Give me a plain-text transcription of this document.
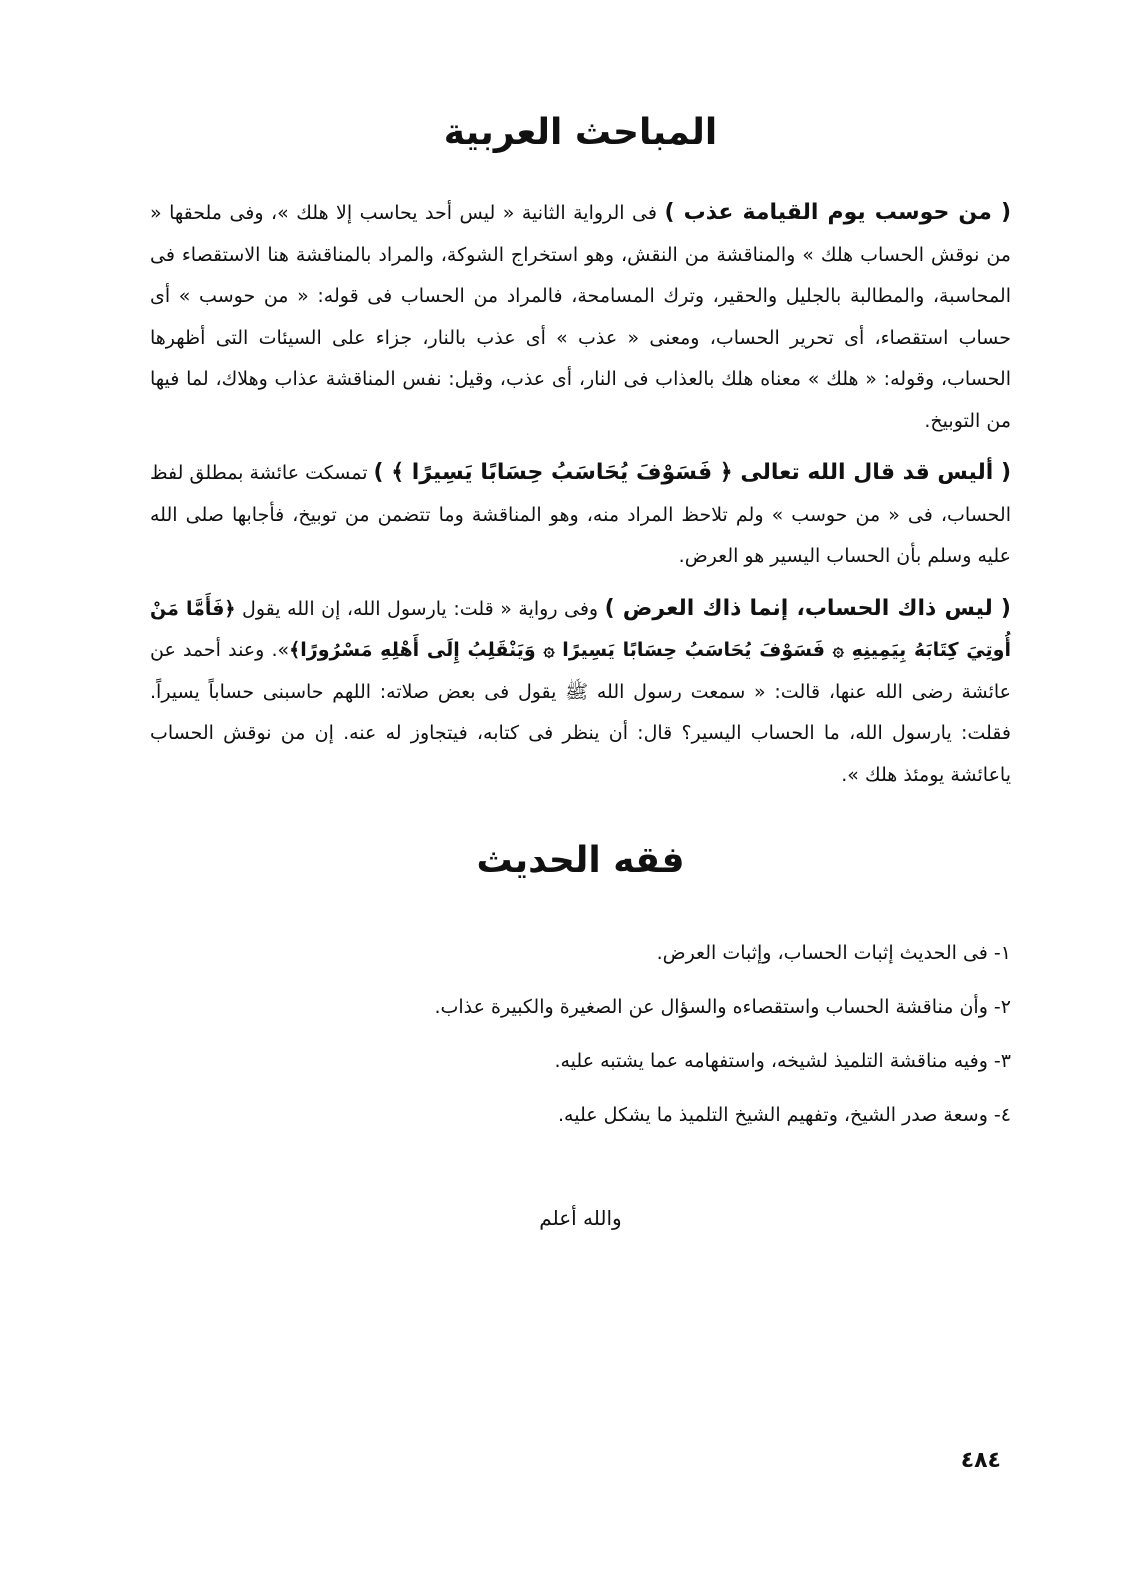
المباحث العربية

( من حوسب يوم القيامة عذب ) فى الرواية الثانية « ليس أحد يحاسب إلا هلك »، وفى ملحقها « من نوقش الحساب هلك » والمناقشة من النقش، وهو استخراج الشوكة، والمراد بالمناقشة هنا الاستقصاء فى المحاسبة، والمطالبة بالجليل والحقير، وترك المسامحة، فالمراد من الحساب فى قوله: « من حوسب » أى حساب استقصاء، أى تحرير الحساب، ومعنى « عذب » أى عذب بالنار، جزاء على السيئات التى أظهرها الحساب، وقوله: « هلك » معناه هلك بالعذاب فى النار، أى عذب، وقيل: نفس المناقشة عذاب وهلاك، لما فيها من التوبيخ.

( أليس قد قال الله تعالى ﴿ فَسَوْفَ يُحَاسَبُ حِسَابًا يَسِيرًا ﴾ ) تمسكت عائشة بمطلق لفظ الحساب، فى « من حوسب » ولم تلاحظ المراد منه، وهو المناقشة وما تتضمن من توبيخ، فأجابها صلى الله عليه وسلم بأن الحساب اليسير هو العرض.

( ليس ذاك الحساب، إنما ذاك العرض ) وفى رواية « قلت: يارسول الله، إن الله يقول ﴿فَأَمَّا مَنْ أُوتِيَ كِتَابَهُ بِيَمِينِهِ ۞ فَسَوْفَ يُحَاسَبُ حِسَابًا يَسِيرًا ۞ وَيَنْقَلِبُ إِلَى أَهْلِهِ مَسْرُورًا﴾». وعند أحمد عن عائشة رضى الله عنها، قالت: « سمعت رسول الله ﷺ يقول فى بعض صلاته: اللهم حاسبنى حساباً يسيراً. فقلت: يارسول الله، ما الحساب اليسير؟ قال: أن ينظر فى كتابه، فيتجاوز له عنه. إن من نوقش الحساب ياعائشة يومئذ هلك ».

فقه الحديث
١- فى الحديث إثبات الحساب، وإثبات العرض.
٢- وأن مناقشة الحساب واستقصاءه والسؤال عن الصغيرة والكبيرة عذاب.
٣- وفيه مناقشة التلميذ لشيخه، واستفهامه عما يشتبه عليه.
٤- وسعة صدر الشيخ، وتفهيم الشيخ التلميذ ما يشكل عليه.
والله أعلم
٤٨٤
